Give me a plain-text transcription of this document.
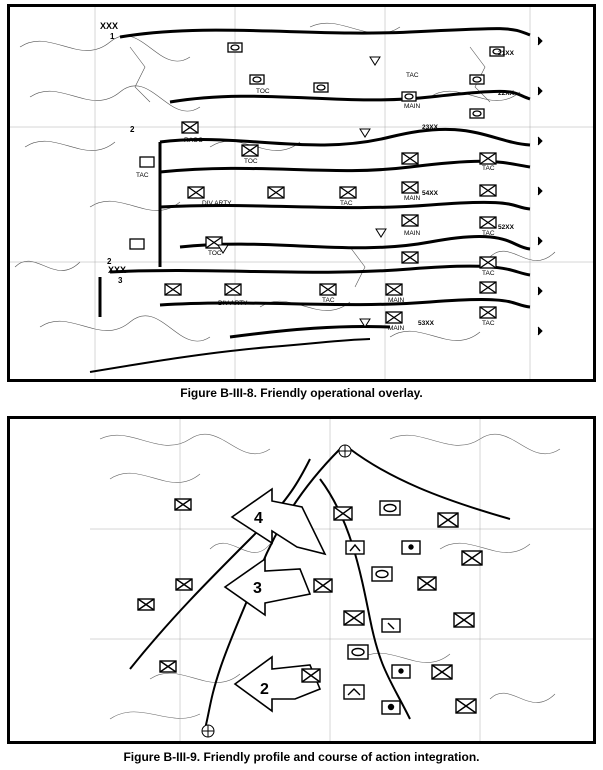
XXX
1
XXX
2
3
2
TAC
RAOC
DIV ARTY	TAC
DIV ARTY
MAIN
TAC
MAIN	TAC
MAIN
TAC
MAIN
TAC
TAC
TAC
TOC
TOC
TOC
MAIN
23XX
54XX
52XX
22XX
21XX
53XX
Figure B-III-8. Friendly operational overlay.
4
3
2
Figure B-III-9. Friendly profile and course of action integration.
